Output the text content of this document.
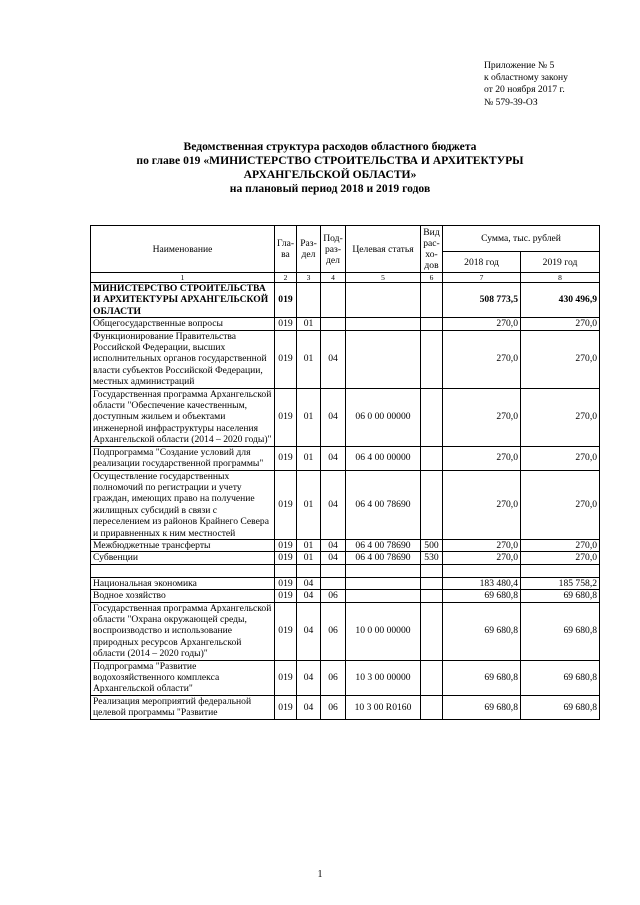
Приложение № 5
к областному закону
от 20 ноября 2017 г.
№ 579-39-ОЗ
Ведомственная структура расходов областного бюджета
по главе 019 «МИНИСТЕРСТВО СТРОИТЕЛЬСТВА И АРХИТЕКТУРЫ
АРХАНГЕЛЬСКОЙ ОБЛАСТИ»
на плановый период 2018 и 2019 годов
Наименование	Гла-ва	Раз-дел	Под-раз-дел	Целевая статья	Вид рас-хо-дов	Сумма, тыс. рублей	
						2018 год	2019 год
1	2	3	4	5	6	7	8
МИНИСТЕРСТВО СТРОИТЕЛЬСТВА И АРХИТЕКТУРЫ АРХАНГЕЛЬСКОЙ ОБЛАСТИ	019					508 773,5	430 496,9
Общегосударственные вопросы	019	01				270,0	270,0
Функционирование Правительства Российской Федерации, высших исполнительных органов государственной власти субъектов Российской Федерации, местных администраций	019	01	04			270,0	270,0
Государственная программа Архангельской области "Обеспечение качественным, доступным жильем и объектами инженерной инфраструктуры населения Архангельской области (2014 – 2020 годы)"	019	01	04	06 0 00 00000		270,0	270,0
Подпрограмма "Создание условий для реализации государственной программы"	019	01	04	06 4 00 00000		270,0	270,0
Осуществление государственных полномочий по регистрации и учету граждан, имеющих право на получение жилищных субсидий в связи с переселением из районов Крайнего Севера и приравненных к ним местностей	019	01	04	06 4 00 78690		270,0	270,0
Межбюджетные трансферты	019	01	04	06 4 00 78690	500	270,0	270,0
Субвенции	019	01	04	06 4 00 78690	530	270,0	270,0

Национальная экономика	019	04				183 480,4	185 758,2
Водное хозяйство	019	04	06			69 680,8	69 680,8
Государственная программа Архангельской области "Охрана окружающей среды, воспроизводство и использование природных ресурсов Архангельской области (2014 – 2020 годы)"	019	04	06	10 0 00 00000		69 680,8	69 680,8
Подпрограмма "Развитие водохозяйственного комплекса Архангельской области"	019	04	06	10 3 00 00000		69 680,8	69 680,8
Реализация мероприятий федеральной целевой программы "Развитие	019	04	06	10 3 00 R0160		69 680,8	69 680,8
1
